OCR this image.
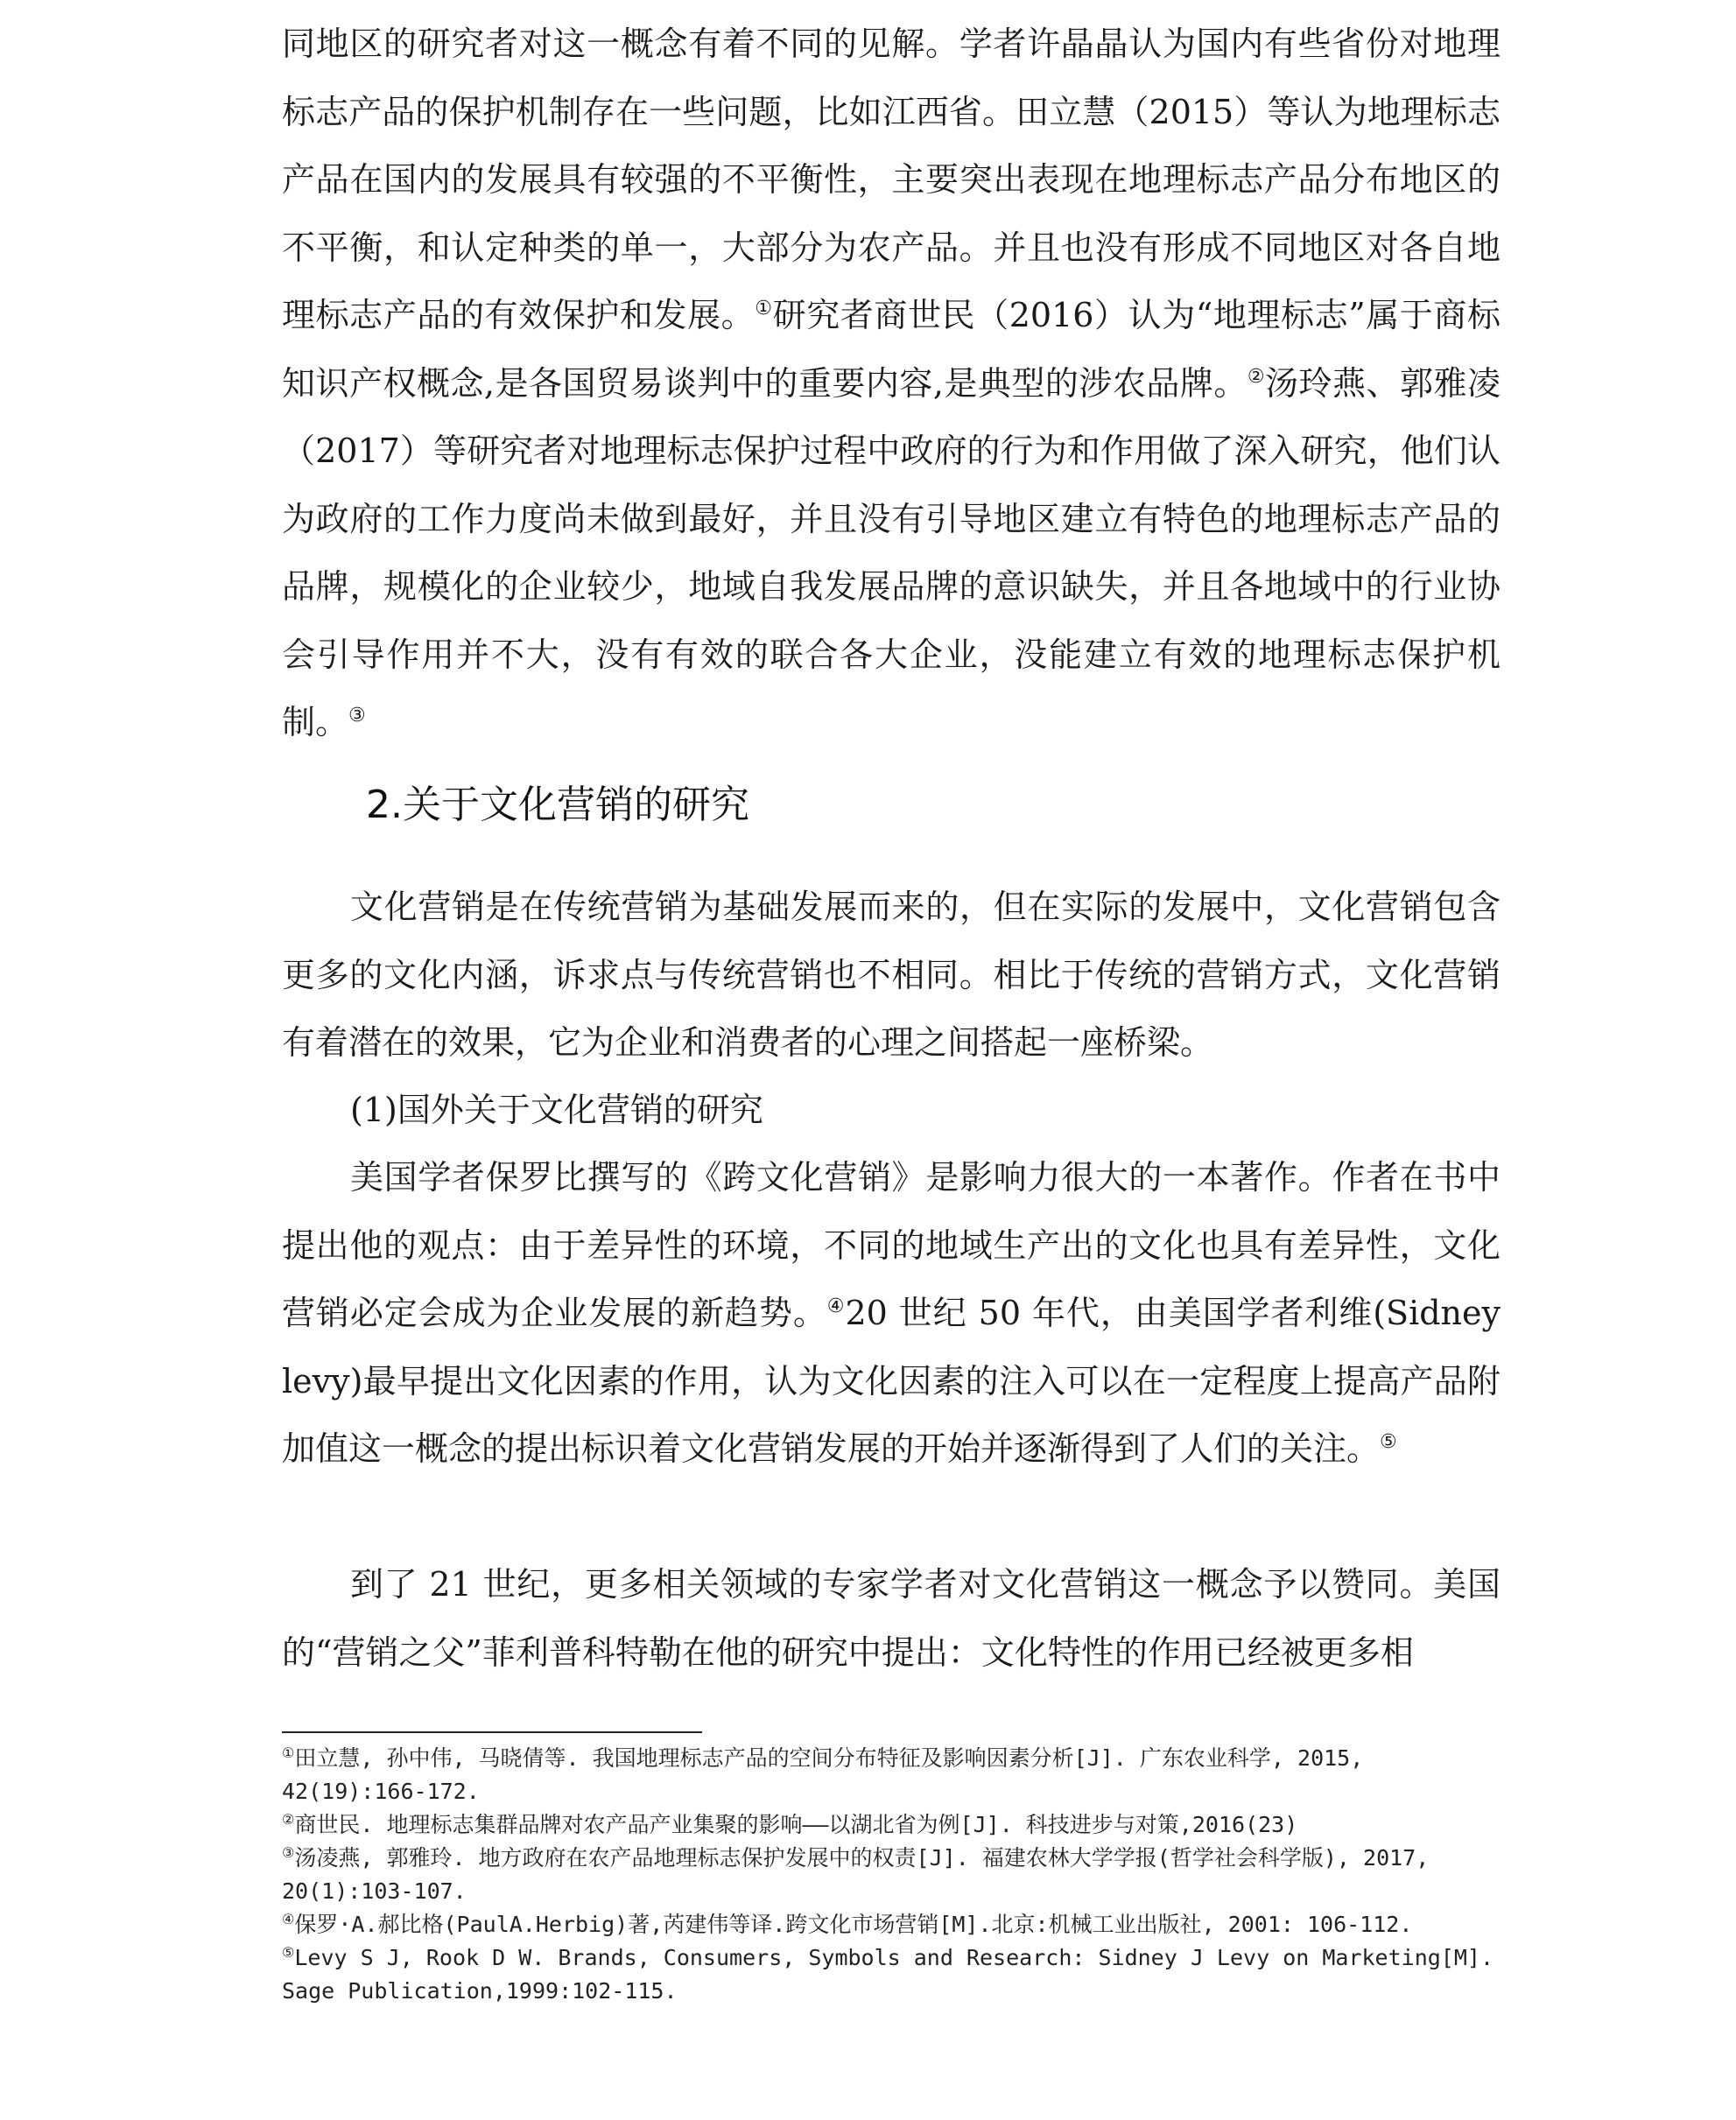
同地区的研究者对这一概念有着不同的见解。学者许晶晶认为国内有些省份对地理标志产品的保护机制存在一些问题，比如江西省。田立慧（2015）等认为地理标志产品在国内的发展具有较强的不平衡性，主要突出表现在地理标志产品分布地区的不平衡，和认定种类的单一，大部分为农产品。并且也没有形成不同地区对各自地理标志产品的有效保护和发展。①研究者商世民（2016）认为“地理标志”属于商标知识产权概念,是各国贸易谈判中的重要内容,是典型的涉农品牌。②汤玲燕、郭雅凌（2017）等研究者对地理标志保护过程中政府的行为和作用做了深入研究，他们认为政府的工作力度尚未做到最好，并且没有引导地区建立有特色的地理标志产品的品牌，规模化的企业较少，地域自我发展品牌的意识缺失，并且各地域中的行业协会引导作用并不大，没有有效的联合各大企业，没能建立有效的地理标志保护机制。③

2.关于文化营销的研究

文化营销是在传统营销为基础发展而来的，但在实际的发展中，文化营销包含更多的文化内涵，诉求点与传统营销也不相同。相比于传统的营销方式，文化营销有着潜在的效果，它为企业和消费者的心理之间搭起一座桥梁。

(1)国外关于文化营销的研究

美国学者保罗比撰写的《跨文化营销》是影响力很大的一本著作。作者在书中提出他的观点：由于差异性的环境，不同的地域生产出的文化也具有差异性，文化营销必定会成为企业发展的新趋势。④20 世纪 50 年代，由美国学者利维(Sidney levy)最早提出文化因素的作用，认为文化因素的注入可以在一定程度上提高产品附加值这一概念的提出标识着文化营销发展的开始并逐渐得到了人们的关注。⑤

到了 21 世纪，更多相关领域的专家学者对文化营销这一概念予以赞同。美国的“营销之父”菲利普科特勒在他的研究中提出：文化特性的作用已经被更多相

①田立慧, 孙中伟, 马晓倩等. 我国地理标志产品的空间分布特征及影响因素分析[J]. 广东农业科学, 2015, 42(19):166-172.

②商世民. 地理标志集群品牌对农产品产业集聚的影响——以湖北省为例[J]. 科技进步与对策,2016(23)

③汤凌燕, 郭雅玲. 地方政府在农产品地理标志保护发展中的权责[J]. 福建农林大学学报(哲学社会科学版), 2017, 20(1):103-107.

④保罗·A.郝比格(PaulA.Herbig)著,芮建伟等译.跨文化市场营销[M].北京:机械工业出版社, 2001: 106-112.

⑤Levy S J, Rook D W. Brands, Consumers, Symbols and Research: Sidney J Levy on Marketing[M]. Sage Publication,1999:102-115.
